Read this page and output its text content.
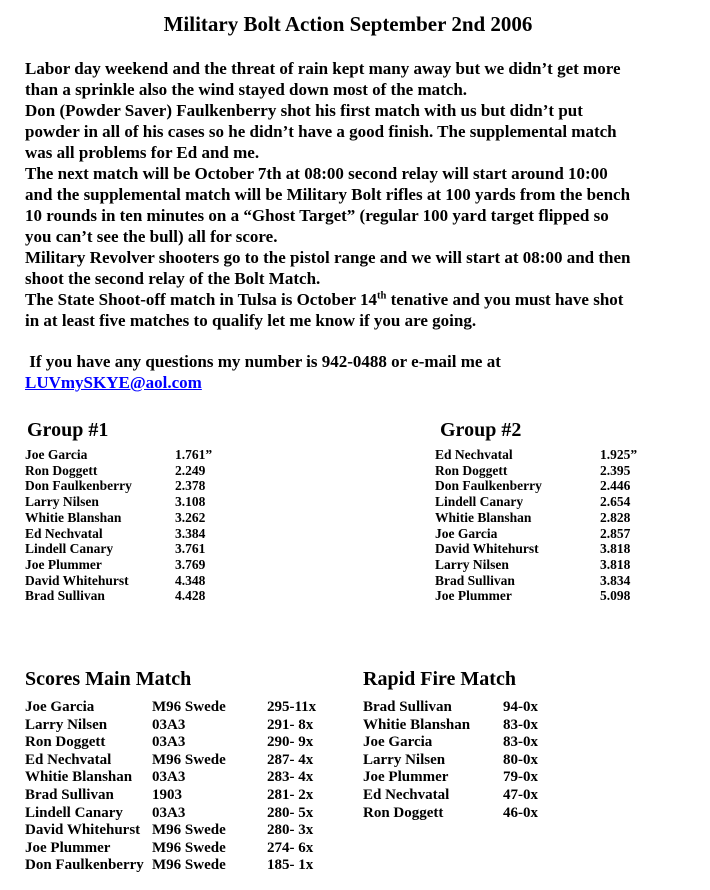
Military Bolt Action September 2nd 2006
Labor day weekend and the threat of rain kept many away but we didn’t get more
than a sprinkle also the wind stayed down most of the match.
Don (Powder Saver) Faulkenberry shot his first match with us but didn’t put
powder in all of his cases so he didn’t have a good finish. The supplemental match
was all problems for Ed and me.
The next match will be October 7th at 08:00 second relay will start around 10:00
and the supplemental match will be Military Bolt rifles at 100 yards from the bench
10 rounds in ten minutes on a “Ghost Target” (regular 100 yard target flipped so
you can’t see the bull) all for score.
Military Revolver shooters go to the pistol range and we will start at 08:00 and then
shoot the second relay of the Bolt Match.
The State Shoot-off match in Tulsa is October 14th tenative and you must have shot
in at least five matches to qualify let me know if you are going.
If you have any questions my number is 942-0488 or e-mail me at
LUVmySKYE@aol.com
Group #1
Joe Garcia	1.761”
Ron Doggett	2.249
Don Faulkenberry	2.378
Larry Nilsen	3.108
Whitie Blanshan	3.262
Ed Nechvatal	3.384
Lindell Canary	3.761
Joe Plummer	3.769
David Whitehurst	4.348
Brad Sullivan	4.428
Group #2
Ed Nechvatal	1.925”
Ron Doggett	2.395
Don Faulkenberry	2.446
Lindell Canary	2.654
Whitie Blanshan	2.828
Joe Garcia	2.857
David Whitehurst	3.818
Larry Nilsen	3.818
Brad Sullivan	3.834
Joe Plummer	5.098
Scores Main Match
Joe Garcia	M96 Swede	295-11x
Larry Nilsen	03A3	291- 8x
Ron Doggett	03A3	290- 9x
Ed Nechvatal	M96 Swede	287- 4x
Whitie Blanshan	03A3	283- 4x
Brad Sullivan	1903	281- 2x
Lindell Canary	03A3	280- 5x
David Whitehurst M96 Swede	280- 3x
Joe Plummer	M96 Swede	274- 6x
Don Faulkenberry M96 Swede	185- 1x
Rapid Fire Match
Brad Sullivan	94-0x
Whitie Blanshan	83-0x
Joe Garcia	83-0x
Larry Nilsen	80-0x
Joe Plummer	79-0x
Ed Nechvatal	47-0x
Ron Doggett	46-0x
